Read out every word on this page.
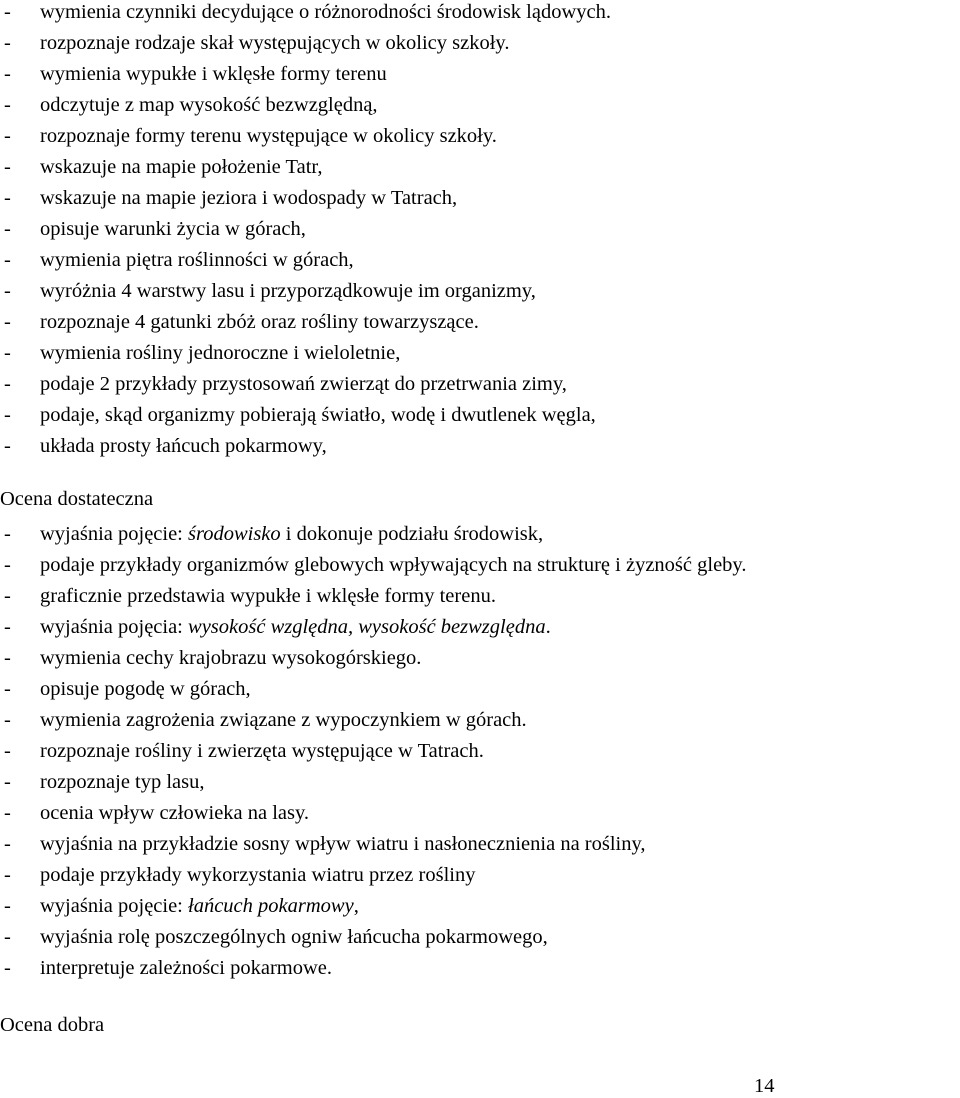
- wymienia czynniki decydujące o różnorodności środowisk lądowych.
- rozpoznaje rodzaje skał występujących w okolicy szkoły.
- wymienia wypukłe i wklęsłe formy terenu
- odczytuje z map wysokość bezwzględną,
- rozpoznaje formy terenu występujące w okolicy szkoły.
- wskazuje na mapie położenie Tatr,
- wskazuje na mapie jeziora i wodospady w Tatrach,
- opisuje warunki życia w górach,
- wymienia piętra roślinności w górach,
- wyróżnia 4 warstwy lasu i przyporządkowuje im organizmy,
- rozpoznaje 4 gatunki zbóż oraz rośliny towarzyszące.
- wymienia rośliny jednoroczne i wieloletnie,
- podaje 2 przykłady przystosowań zwierząt do przetrwania zimy,
- podaje, skąd organizmy pobierają światło, wodę i dwutlenek węgla,
- układa prosty łańcuch pokarmowy,
Ocena dostateczna
- wyjaśnia pojęcie: środowisko i dokonuje podziału środowisk,
- podaje przykłady organizmów glebowych wpływających na strukturę i żyzność gleby.
- graficznie przedstawia wypukłe i wklęsłe formy terenu.
- wyjaśnia pojęcia: wysokość względna, wysokość bezwzględna.
- wymienia cechy krajobrazu wysokogórskiego.
- opisuje pogodę w górach,
- wymienia zagrożenia związane z wypoczynkiem w górach.
- rozpoznaje rośliny i zwierzęta występujące w Tatrach.
- rozpoznaje typ lasu,
- ocenia wpływ człowieka na lasy.
- wyjaśnia na przykładzie sosny wpływ wiatru i nasłonecznienia na rośliny,
- podaje przykłady wykorzystania wiatru przez rośliny
- wyjaśnia pojęcie: łańcuch pokarmowy,
- wyjaśnia rolę poszczególnych ogniw łańcucha pokarmowego,
- interpretuje zależności pokarmowe.
Ocena dobra
14
